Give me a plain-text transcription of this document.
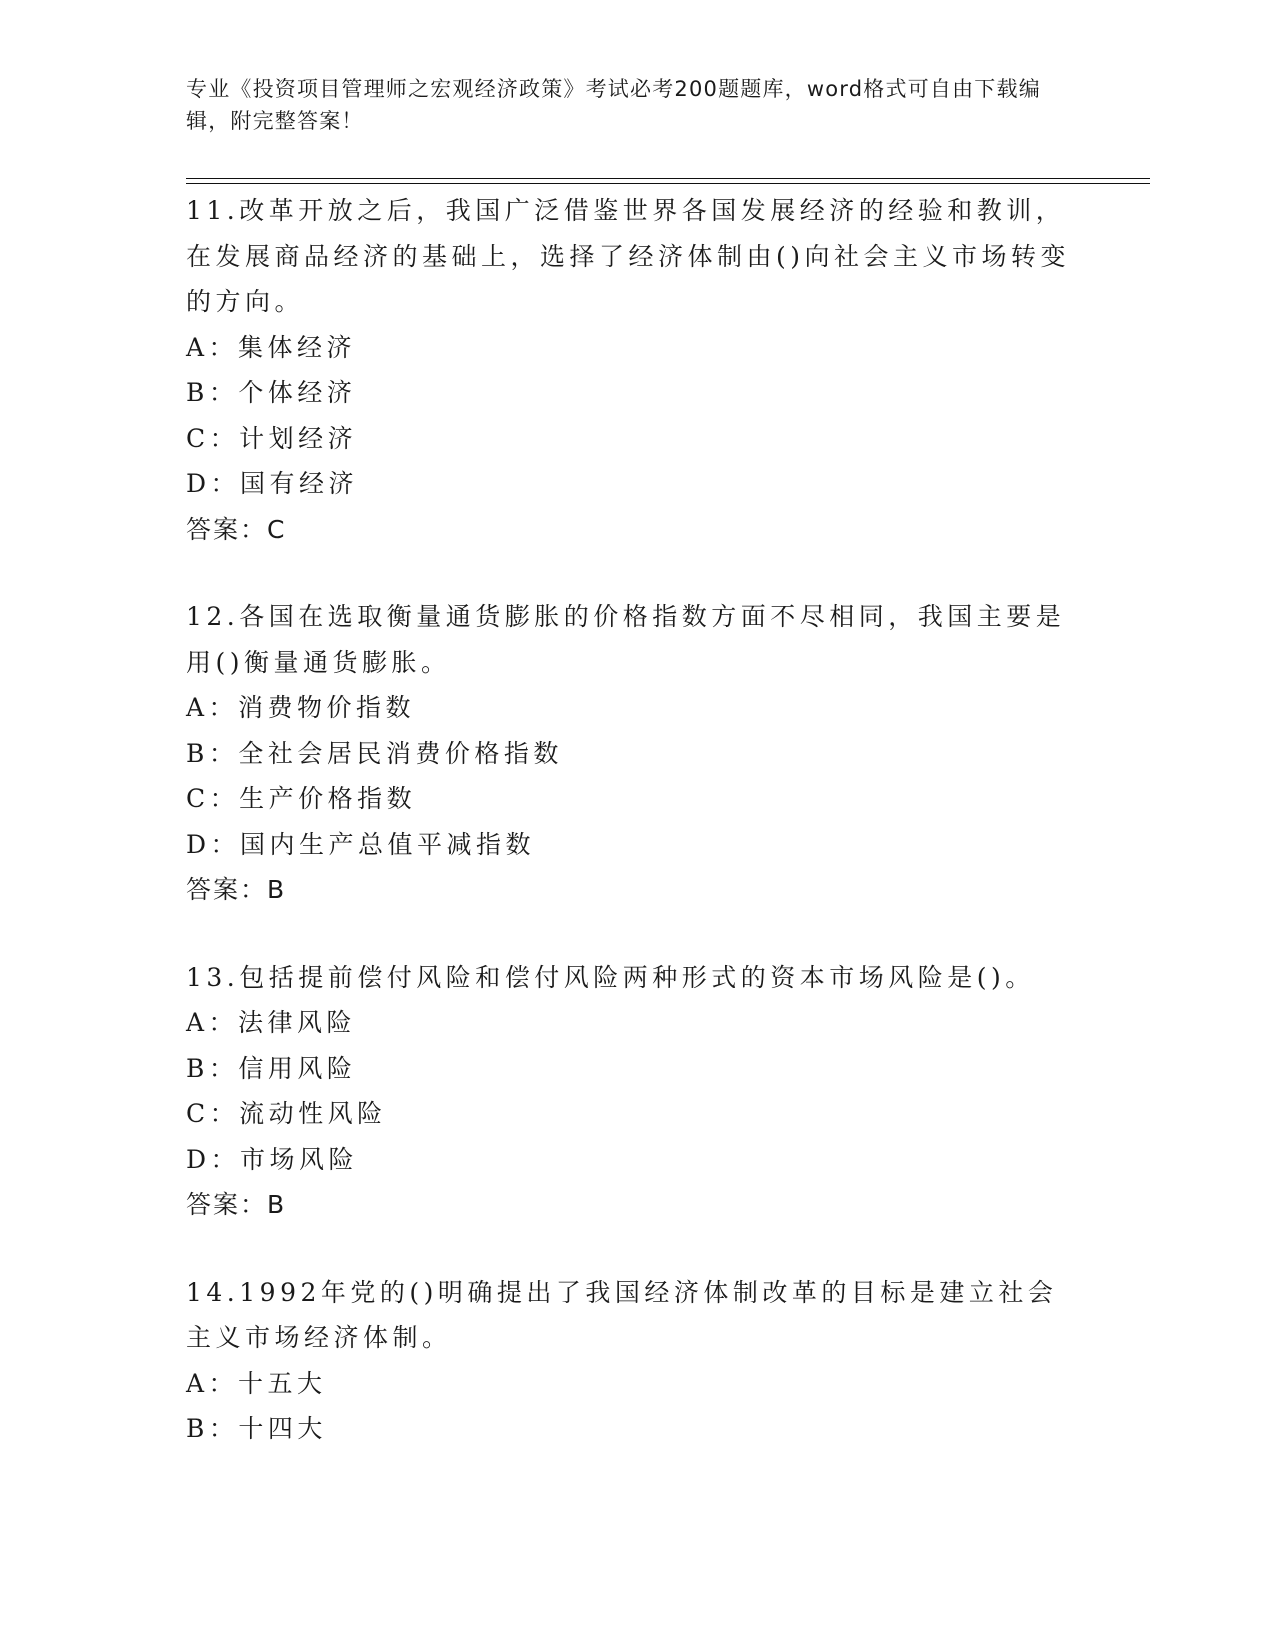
专业《投资项目管理师之宏观经济政策》考试必考200题题库，word格式可自由下载编辑，附完整答案！
11.改革开放之后，我国广泛借鉴世界各国发展经济的经验和教训，在发展商品经济的基础上，选择了经济体制由()向社会主义市场转变的方向。
A：集体经济
B：个体经济
C：计划经济
D：国有经济
答案：C
12.各国在选取衡量通货膨胀的价格指数方面不尽相同，我国主要是用()衡量通货膨胀。
A：消费物价指数
B：全社会居民消费价格指数
C：生产价格指数
D：国内生产总值平减指数
答案：B
13.包括提前偿付风险和偿付风险两种形式的资本市场风险是()。
A：法律风险
B：信用风险
C：流动性风险
D：市场风险
答案：B
14.1992年党的()明确提出了我国经济体制改革的目标是建立社会主义市场经济体制。
A：十五大
B：十四大
